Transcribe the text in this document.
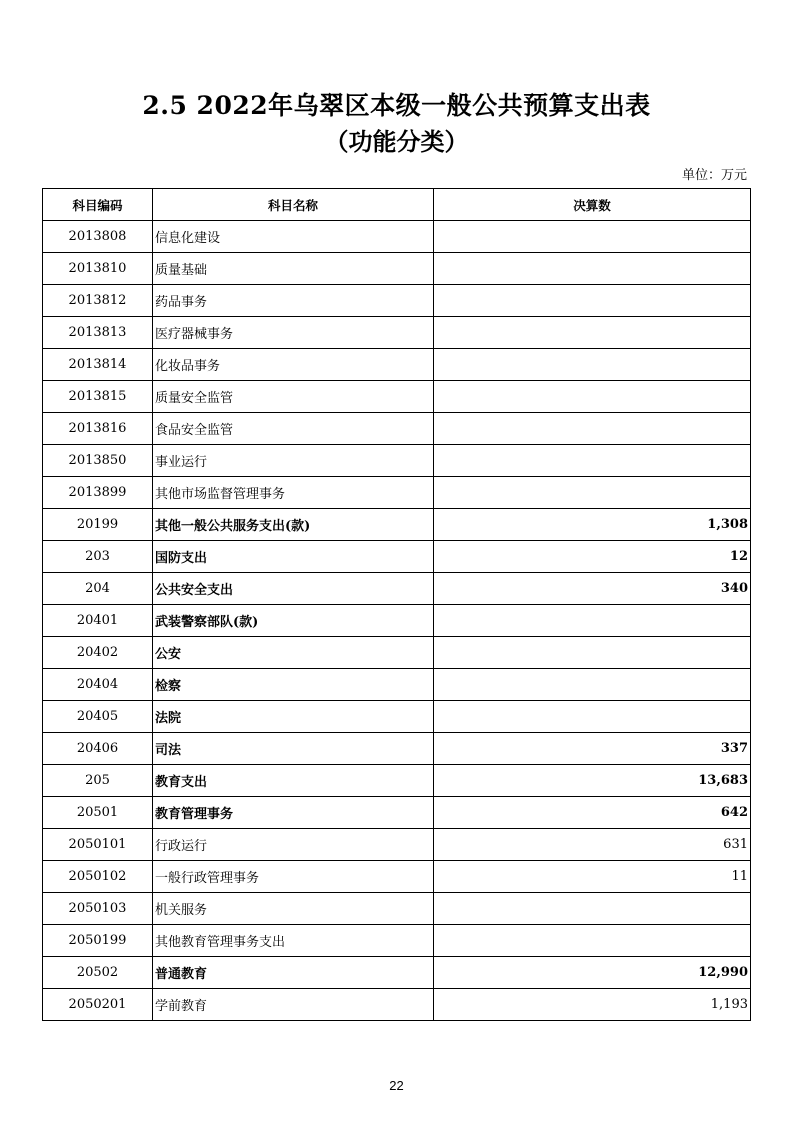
2.5 2022年乌翠区本级一般公共预算支出表
（功能分类）
单位：万元
科目编码	科目名称	决算数
2013808	信息化建设	
2013810	质量基础	
2013812	药品事务	
2013813	医疗器械事务	
2013814	化妆品事务	
2013815	质量安全监管	
2013816	食品安全监管	
2013850	事业运行	
2013899	其他市场监督管理事务	
20199	其他一般公共服务支出(款)	1,308
203	国防支出	12
204	公共安全支出	340
20401	武装警察部队(款)	
20402	公安	
20404	检察	
20405	法院	
20406	司法	337
205	教育支出	13,683
20501	教育管理事务	642
2050101	行政运行	631
2050102	一般行政管理事务	11
2050103	机关服务	
2050199	其他教育管理事务支出	
20502	普通教育	12,990
2050201	学前教育	1,193
22
